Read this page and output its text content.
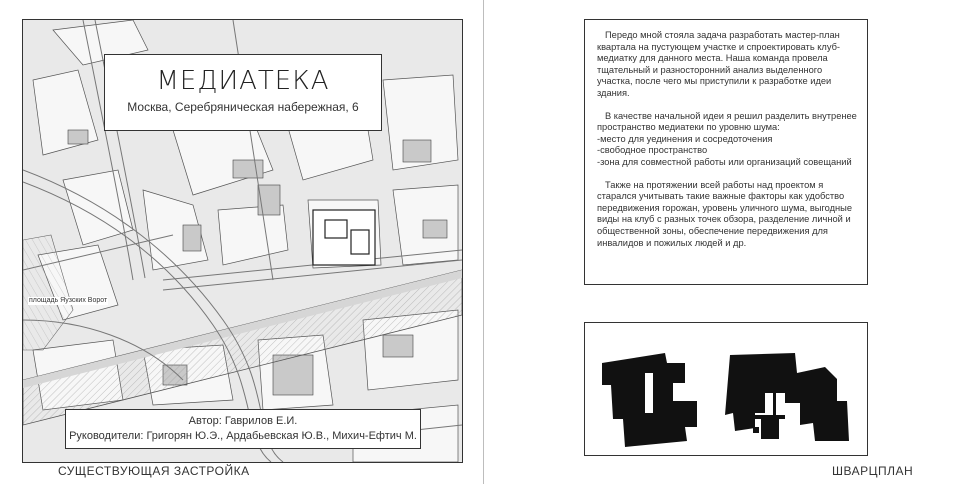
МЕДИАТЕКА
Москва, Серебряническая набережная, 6
площадь Яузских Ворот
Автор: Гаврилов Е.И.
Руководители: Григорян Ю.Э., Ардабьевская Ю.В., Михич-Ефтич М.
СУЩЕСТВУЮЩАЯ ЗАСТРОЙКА

Передо мной стояла задача разработать мастер-план квартала на пустующем участке и спроектировать клуб-медиатку для данного места. Наша команда провела тщательный и разносторонний анализ выделенного участка, после чего мы приступили к разработке идеи здания.

В качестве начальной идеи я решил разделить внутренее пространство медиатеки по уровню шума:
-место для уединения и сосредоточения
-свободное пространство
-зона для совместной работы или организаций совещаний

Также на протяжении всей работы над проектом я старался учитывать такие важные факторы как удобство передвижения горожан, уровень уличного шума, выгодные виды на клуб с разных точек обзора, разделение личной и общественной зоны, обеспечение передвижения для инвалидов и пожилых людей и др.

ШВАРЦПЛАН
